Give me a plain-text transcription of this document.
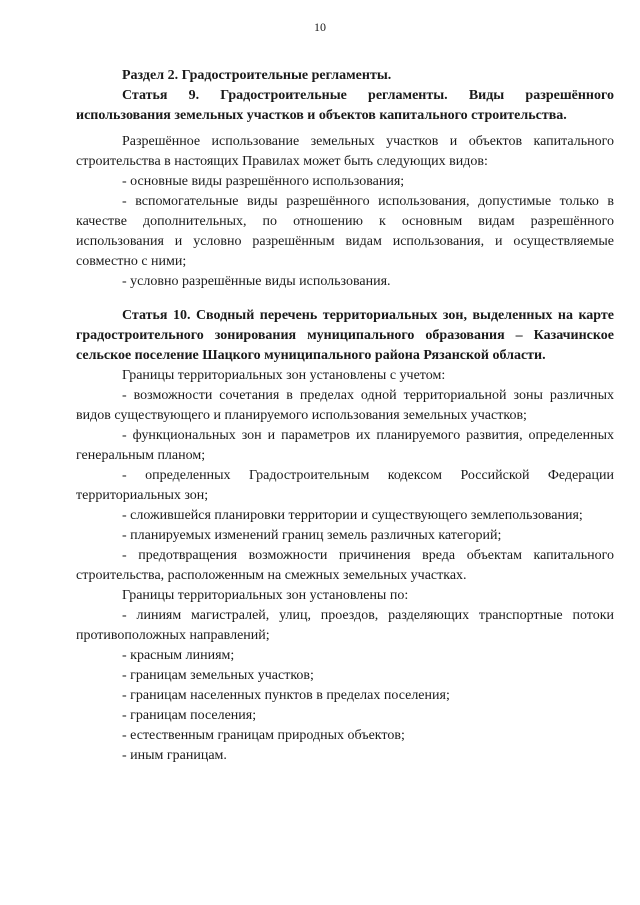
10
Раздел 2. Градостроительные регламенты.
Статья 9. Градостроительные регламенты. Виды разрешённого использования земельных участков и объектов капитального строительства.

Разрешённое использование земельных участков и объектов капитального строительства в настоящих Правилах может быть следующих видов:

- основные виды разрешённого использования;

- вспомогательные виды разрешённого использования, допустимые только в качестве дополнительных, по отношению к основным видам разрешённого использования и условно разрешённым видам использования, и осуществляемые совместно с ними;

- условно разрешённые виды использования.

Статья 10. Сводный перечень территориальных зон, выделенных на карте градостроительного зонирования муниципального образования – Казачинское сельское поселение Шацкого муниципального района Рязанской области.

Границы территориальных зон установлены с учетом:

- возможности сочетания в пределах одной территориальной зоны различных видов существующего и планируемого использования земельных участков;

- функциональных зон и параметров их планируемого развития, определенных генеральным планом;

- определенных Градостроительным кодексом Российской Федерации территориальных зон;

- сложившейся планировки территории и существующего землепользования;

- планируемых изменений границ земель различных категорий;

- предотвращения возможности причинения вреда объектам капитального строительства, расположенным на смежных земельных участках.

Границы территориальных зон установлены по:

- линиям магистралей, улиц, проездов, разделяющих транспортные потоки противоположных направлений;

- красным линиям;

- границам земельных участков;

- границам населенных пунктов в пределах поселения;

- границам поселения;

- естественным границам природных объектов;

- иным границам.
